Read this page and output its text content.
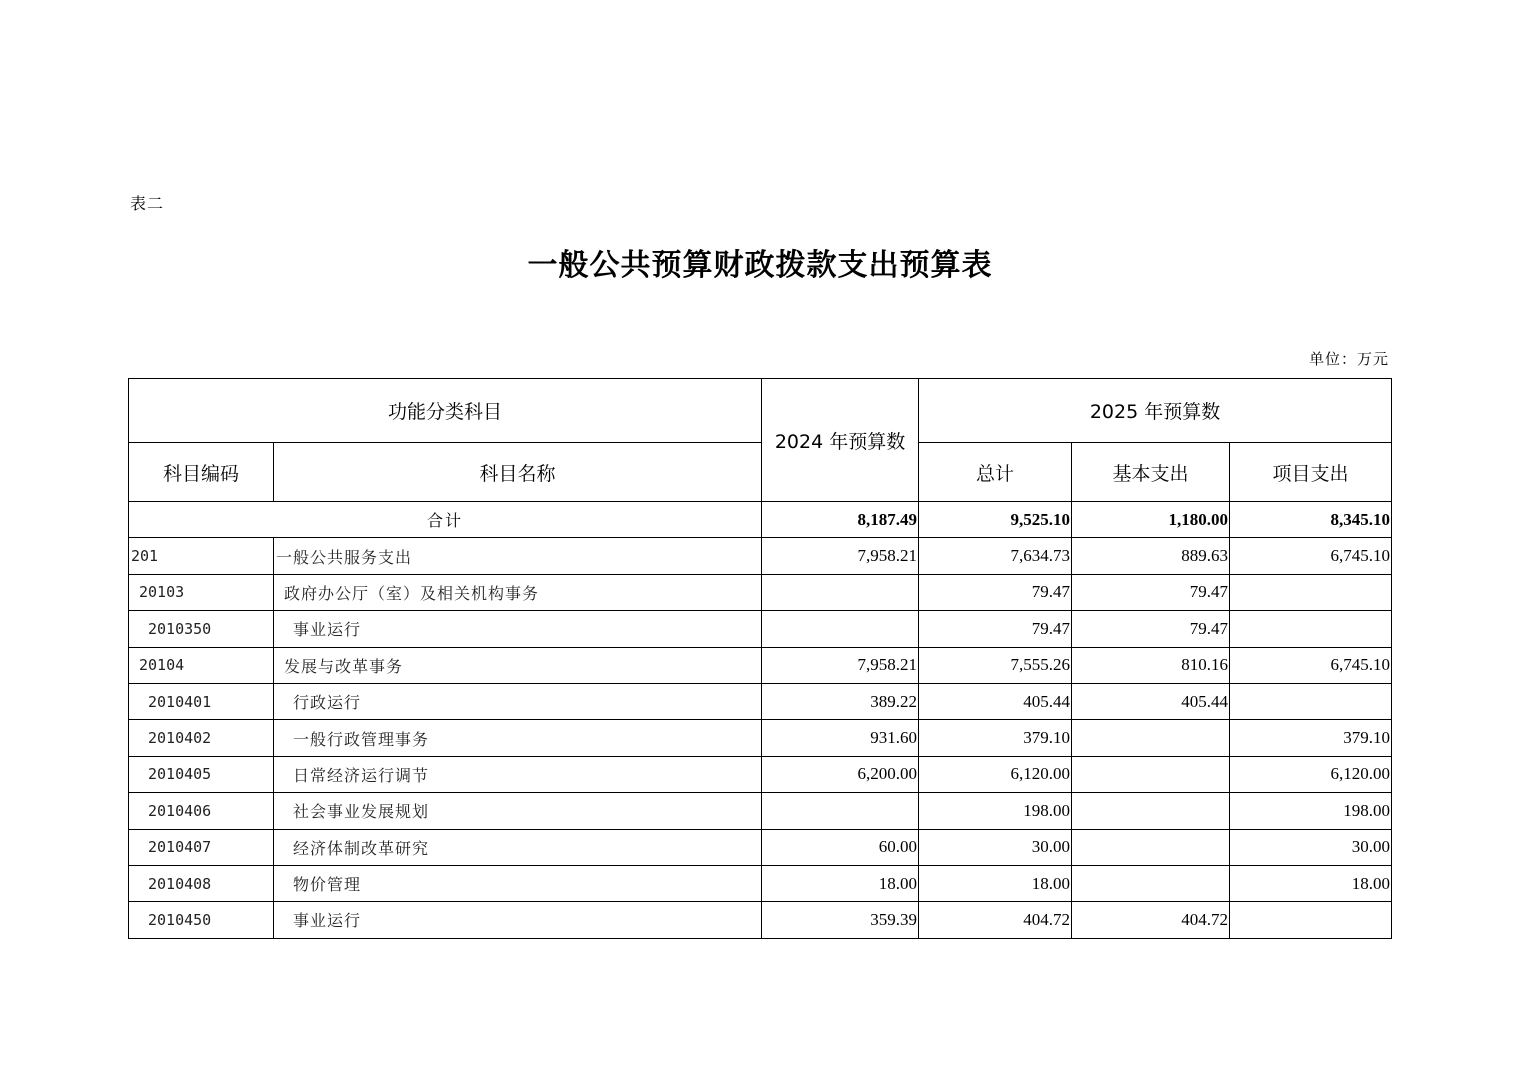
表二
一般公共预算财政拨款支出预算表
单位：万元
功能分类科目		2024 年预算数	2025 年预算数		
科目编码	科目名称		总计	基本支出	项目支出
合计		8,187.49	9,525.10	1,180.00	8,345.10
201	一般公共服务支出	7,958.21	7,634.73	889.63	6,745.10
20103	政府办公厅（室）及相关机构事务		79.47	79.47	
2010350	事业运行		79.47	79.47	
20104	发展与改革事务	7,958.21	7,555.26	810.16	6,745.10
2010401	行政运行	389.22	405.44	405.44	
2010402	一般行政管理事务	931.60	379.10		379.10
2010405	日常经济运行调节	6,200.00	6,120.00		6,120.00
2010406	社会事业发展规划		198.00		198.00
2010407	经济体制改革研究	60.00	30.00		30.00
2010408	物价管理	18.00	18.00		18.00
2010450	事业运行	359.39	404.72	404.72	
